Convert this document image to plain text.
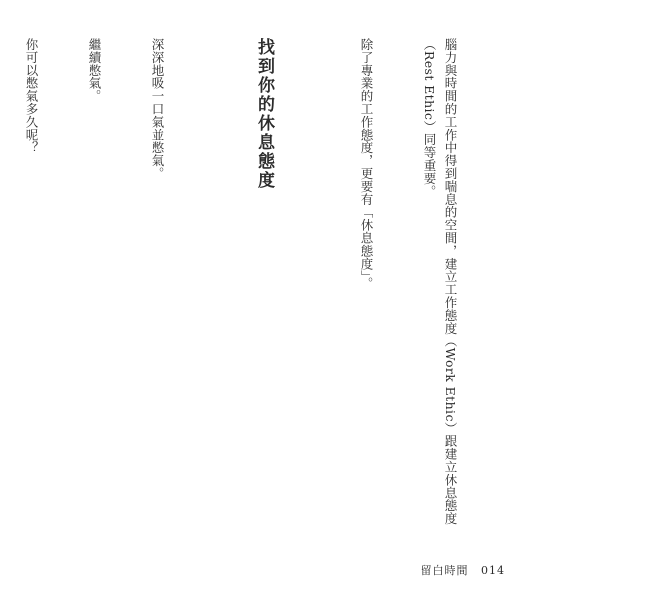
腦力與時間的工作中得到喘息的空間，建立工作態度（Work Ethic）跟建立休息態度（Rest Ethic）同等重要。

除了專業的工作態度，更要有「休息態度」。

找到你的休息態度

深深地吸一口氣並憋氣。

繼續憋氣。

你可以憋氣多久呢？

留白時間 014
